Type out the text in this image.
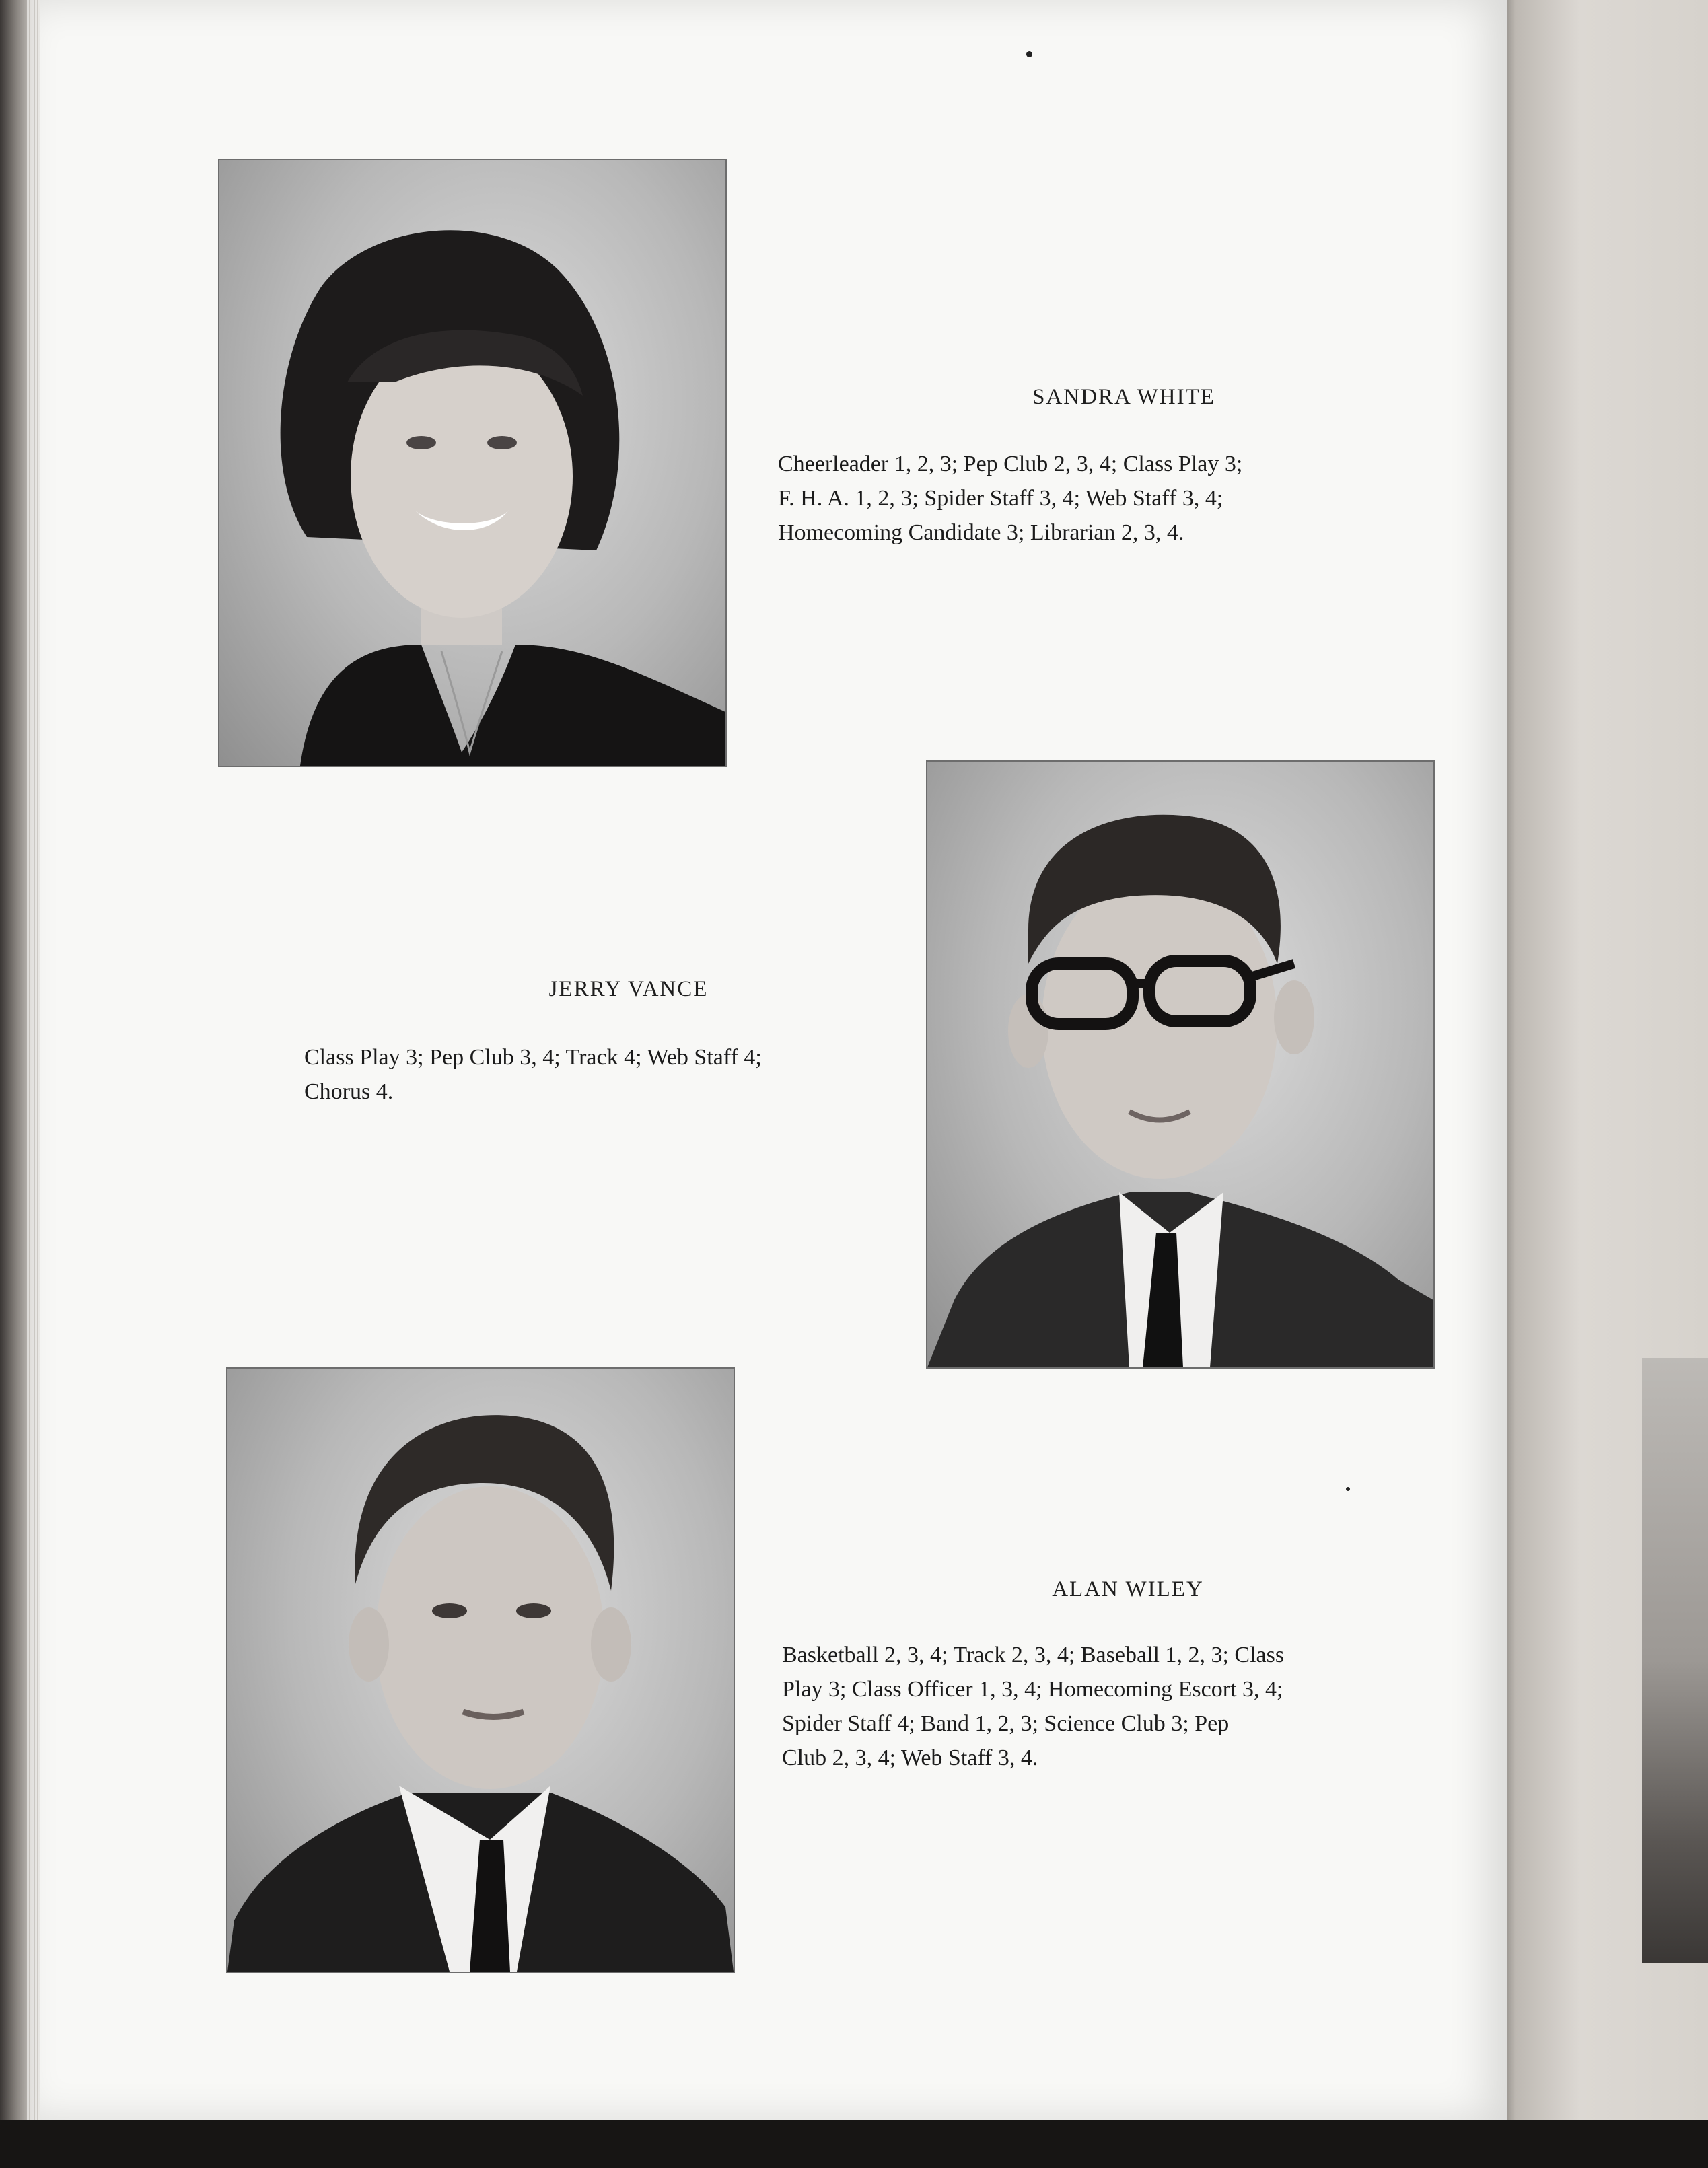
SANDRA WHITE
Cheerleader 1, 2, 3; Pep Club 2, 3, 4; Class Play 3;
F. H. A. 1, 2, 3; Spider Staff 3, 4; Web Staff 3, 4;
Homecoming Candidate 3; Librarian 2, 3, 4.
JERRY VANCE
Class Play 3; Pep Club 3, 4; Track 4; Web Staff 4;
Chorus 4.
ALAN WILEY
Basketball 2, 3, 4; Track 2, 3, 4; Baseball 1, 2, 3; Class
Play 3; Class Officer 1, 3, 4; Homecoming Escort 3, 4;
Spider Staff 4; Band 1, 2, 3; Science Club 3; Pep
Club 2, 3, 4; Web Staff 3, 4.
